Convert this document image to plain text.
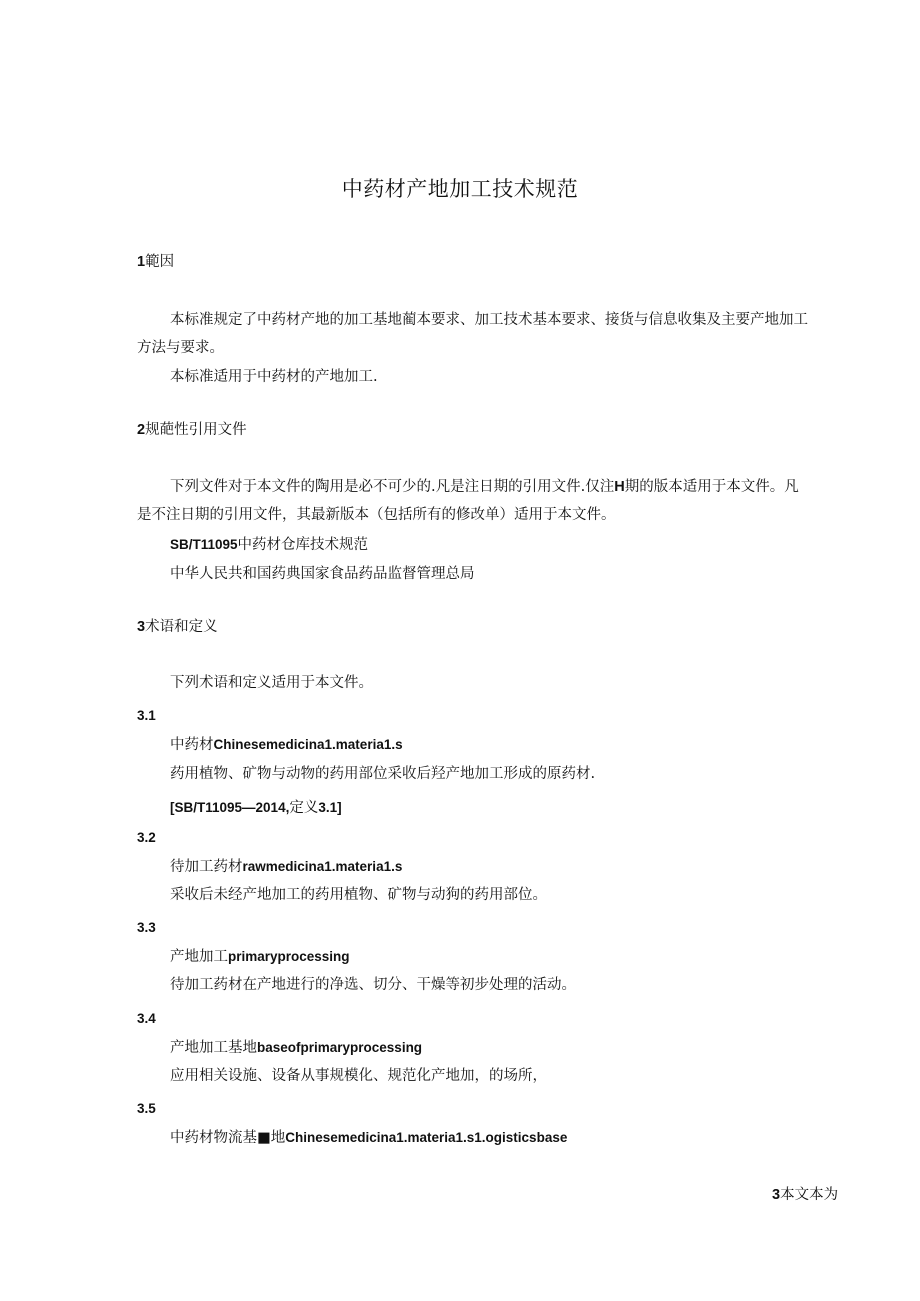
中药材产地加工技术规范
1範因
本标准规定了中药材产地的加工基地蔺本要求、加工技术基本要求、接货与信息收集及主要产地加工
方法与要求。
本标准适用于中药材的产地加工.
2规葩性引用文件
下列文件对于本文件的陶用是必不可少的.凡是注日期的引用文件.仅注H期的版本适用于本文件。凡
是不注日期的引用文件，其最新版本（包括所有的修改单）适用于本文件。
SB/T11095中药材仓库技术规范
中华人民共和国药典国家食品药品监督管理总局
3术语和定义
下列术语和定义适用于本文件。
3.1
中药材Chinesemedicina1.materia1.s
药用植物、矿物与动物的药用部位采收后羟产地加工形成的原药材.
[SB/T11095—2014,定义3.1]
3.2
待加工药材rawmedicina1.materia1.s
采收后未经产地加工的药用植物、矿物与动狗的药用部位。
3.3
产地加工primaryprocessing
待加工药材在产地进行的净选、切分、干燥等初步处理的活动。
3.4
产地加工基地baseofprimaryprocessing
应用相关设施、设备从事规模化、规范化产地加，的场所，
3.5
中药材物流基■地Chinesemedicina1.materia1.s1.ogisticsbase
3本文本为
